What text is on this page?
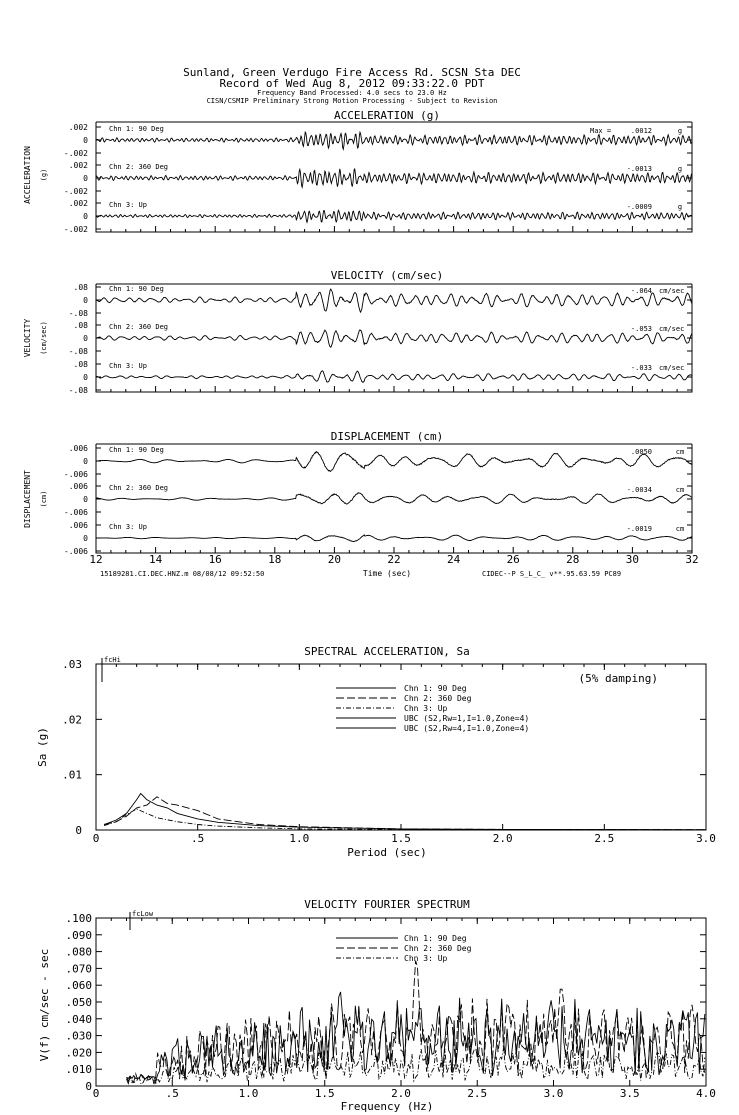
Sunland, Green Verdugo Fire Access Rd. SCSN Sta DEC
Record of Wed Aug 8, 2012 09:33:22.0 PDT
Frequency Band Processed: 4.0 secs to 23.0 Hz
CISN/CSMIP Preliminary Strong Motion Processing - Subject to Revision
15189281.CI.DEC.HNZ.m 08/08/12 09:52:50	Time (sec)	CIDEC--P S_L_C_ v**.95.63.59 PC89
ACCELERATION (g)
ACCELERATION (g)
.002
0
-.002
Chn 1: 90 Deg	Max =	.0012	g
.002
0
-.002
Chn 2: 360 Deg	-.0013	g
.002
0
-.002
Chn 3: Up	-.0009	g
VELOCITY (cm/sec)
VELOCITY (cm/sec)
.08
0
-.08
Chn 1: 90 Deg	-.064 cm/sec
.08
0
-.08
Chn 2: 360 Deg	-.053 cm/sec
.08
0
-.08
Chn 3: Up	-.033 cm/sec
DISPLACEMENT (cm)
DISPLACEMENT (cm)
.006
0
-.006
Chn 1: 90 Deg	.0050	cm
.006
0
-.006
Chn 2: 360 Deg	-.0034	cm
.006
0
-.006
Chn 3: Up	-.0019	cm
12	14	16	18	20	22	24	26	28	30	32
SPECTRAL ACCELERATION, Sa
0	.5	1.0	1.5	2.0	2.5	3.0
0
.01
.02
.03
Period (sec)
Sa (g)
(5% damping)
fcHi
Chn 1: 90 Deg
Chn 2: 360 Deg
Chn 3: Up
UBC (S2,Rw=1,I=1.0,Zone=4)
UBC (S2,Rw=4,I=1.0,Zone=4)
VELOCITY FOURIER SPECTRUM
.5	1.0	1.5	2.0	2.5	3.0	3.5	4.0
0
0
.010
.020
.030
.040
.050
.060
.070
.080
.090
.100
Frequency (Hz)
V(f) cm/sec - sec
fcLow
Chn 1: 90 Deg
Chn 2: 360 Deg
Chn 3: Up
